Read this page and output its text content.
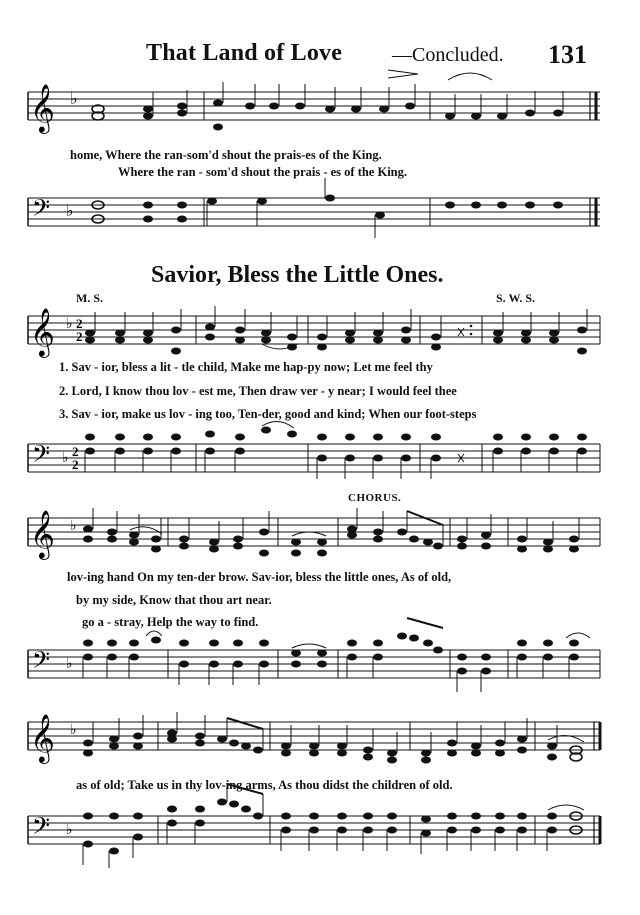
That Land of Love —Concluded. 131
𝄞 ♭
home, Where the ran-som'd shout the prais-es of the King.
Where the ran - som'd shout the prais - es of the King.
𝄢 ♭
Savior, Bless the Little Ones.
M. S.	S. W. S.
𝄞 ♭ 2
2
1. Sav - ior, bless a lit - tle child, Make me hap-py now; Let me feel thy
2. Lord, I know thou lov - est me, Then draw ver - y near; I would feel thee
3. Sav - ior, make us lov - ing too, Ten-der, good and kind; When our foot-steps
𝄢 ♭ 2
2
CHORUS.
𝄞 ♭
lov-ing hand On my ten-der brow. Sav-ior, bless the little ones, As of old,
by my side, Know that thou art near.
go a - stray, Help the way to find.
𝄢 ♭
𝄞 ♭
as of old; Take us in thy lov-ing arms, As thou didst the children of old.
𝄢 ♭
